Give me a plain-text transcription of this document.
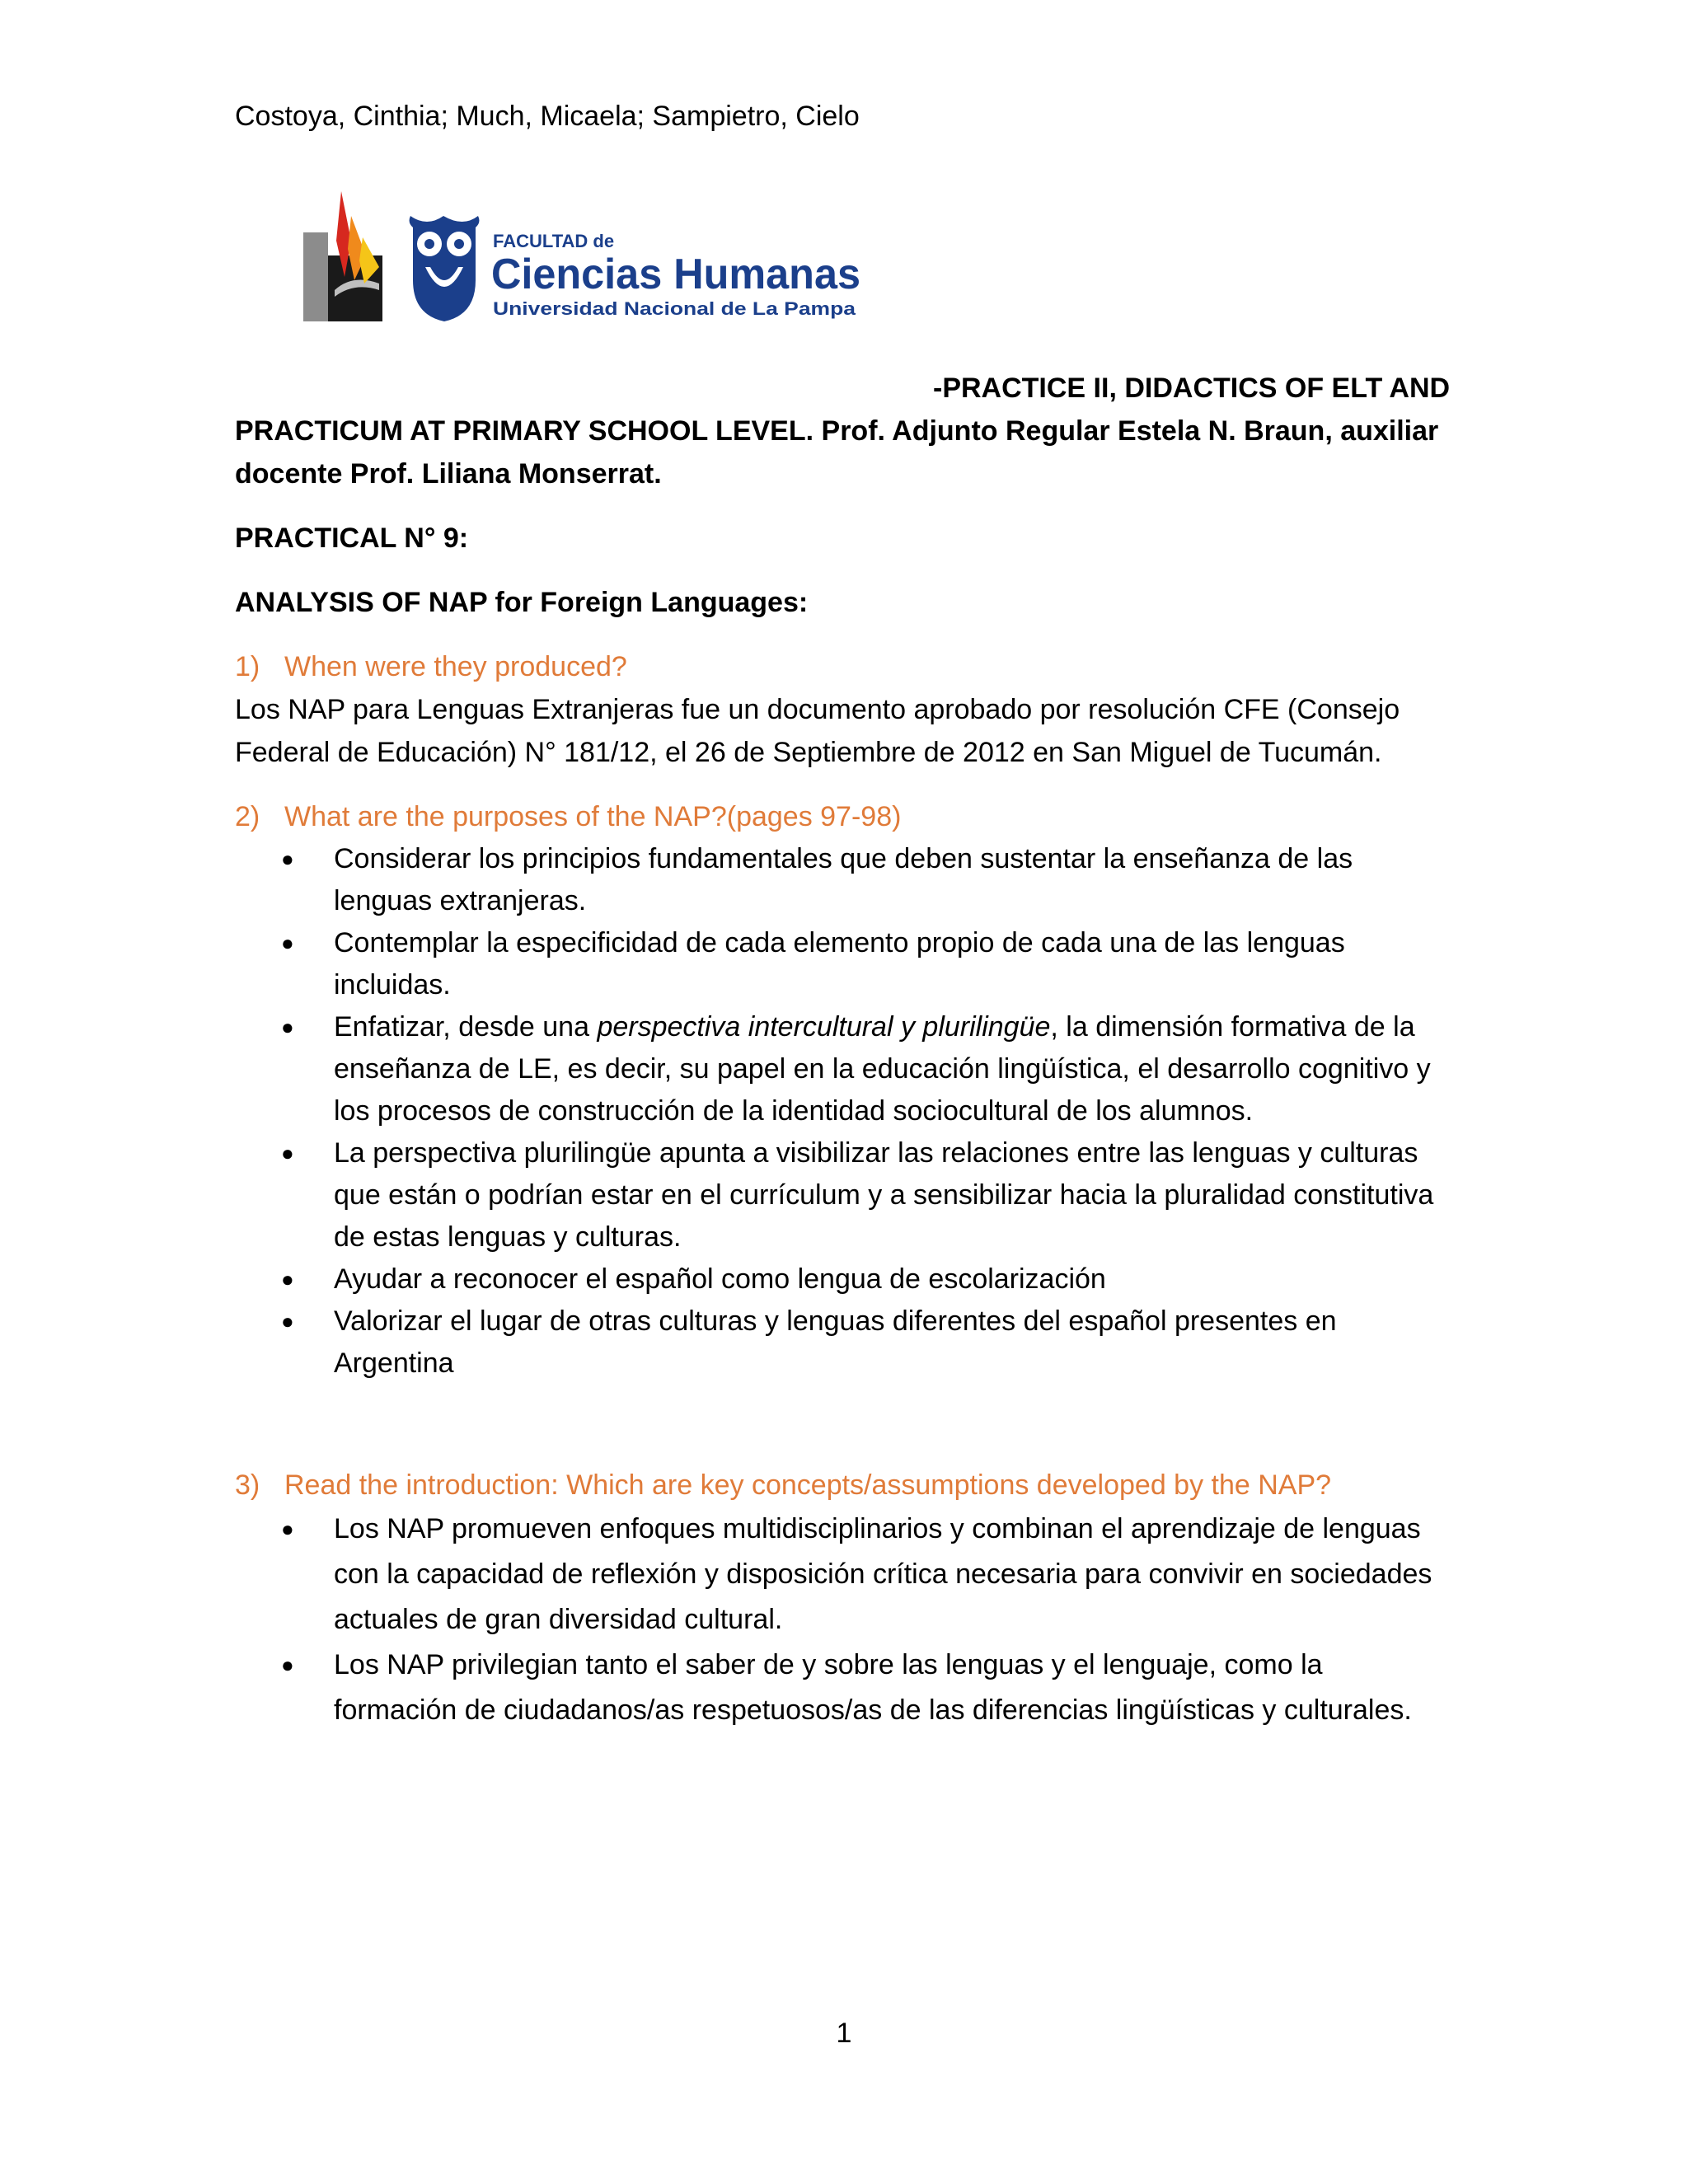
Costoya, Cinthia; Much, Micaela; Sampietro, Cielo
FACULTAD de
Ciencias Humanas
Universidad Nacional de La Pampa
-PRACTICE II, DIDACTICS OF ELT AND
PRACTICUM AT PRIMARY SCHOOL LEVEL. Prof. Adjunto Regular Estela N. Braun, auxiliar docente Prof. Liliana Monserrat.
PRACTICAL N° 9:
ANALYSIS OF NAP for Foreign Languages:
1) When were they produced?
Los NAP para Lenguas Extranjeras fue un documento aprobado por resolución CFE (Consejo Federal de Educación) N° 181/12, el 26 de Septiembre de 2012 en San Miguel de Tucumán.
2) What are the purposes of the NAP?(pages 97-98)
● Considerar los principios fundamentales que deben sustentar la enseñanza de las lenguas extranjeras.
● Contemplar la especificidad de cada elemento propio de cada una de las lenguas incluidas.
● Enfatizar, desde una perspectiva intercultural y plurilingüe, la dimensión formativa de la enseñanza de LE, es decir, su papel en la educación lingüística, el desarrollo cognitivo y los procesos de construcción de la identidad sociocultural de los alumnos.
● La perspectiva plurilingüe apunta a visibilizar las relaciones entre las lenguas y culturas que están o podrían estar en el currículum y a sensibilizar hacia la pluralidad constitutiva de estas lenguas y culturas.
● Ayudar a reconocer el español como lengua de escolarización
● Valorizar el lugar de otras culturas y lenguas diferentes del español presentes en Argentina
3) Read the introduction: Which are key concepts/assumptions developed by the NAP?
● Los NAP promueven enfoques multidisciplinarios y combinan el aprendizaje de lenguas con la capacidad de reflexión y disposición crítica necesaria para convivir en sociedades actuales de gran diversidad cultural.
● Los NAP privilegian tanto el saber de y sobre las lenguas y el lenguaje, como la formación de ciudadanos/as respetuosos/as de las diferencias lingüísticas y culturales.
1
